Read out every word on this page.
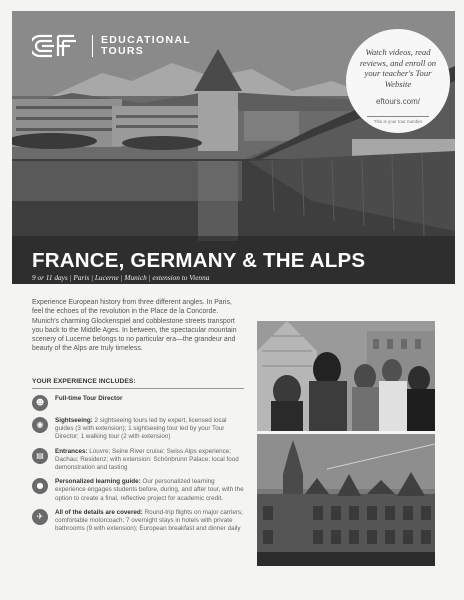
EDUCATIONAL
TOURS	Watch videos, read reviews, and enroll on your teacher's Tour Website
eftours.com/
This is your tour number
FRANCE, GERMANY & THE ALPS
9 or 11 days | Paris | Lucerne | Munich | extension to Vienna
Experience European history from three different angles. In Paris, feel the echoes of the revolution in the Place de la Concorde. Munich's charming Glockenspiel and cobblestone streets transport you back to the Middle Ages. In between, the spectacular mountain scenery of Lucerne belongs to no particular era—the grandeur and beauty of the Alps are truly timeless.
YOUR EXPERIENCE INCLUDES:
☻	Full-time Tour Director
◉	Sightseeing: 2 sightseeing tours led by expert, licensed local guides (3 with extension); 1 sightseeing tour led by your Tour Director; 1 walking tour (2 with extension)
▤	Entrances: Louvre; Seine River cruise; Swiss Alps experience; Dachau; Residenz; with extension: Schönbrunn Palace; local food demonstration and tasting
●	Personalized learning guide: Our personalized learning experience engages students before, during, and after tour, with the option to create a final, reflective project for academic credit.
✈	All of the details are covered: Round-trip flights on major carriers; comfortable motorcoach; 7 overnight stays in hotels with private bathrooms (9 with extension); European breakfast and dinner daily
